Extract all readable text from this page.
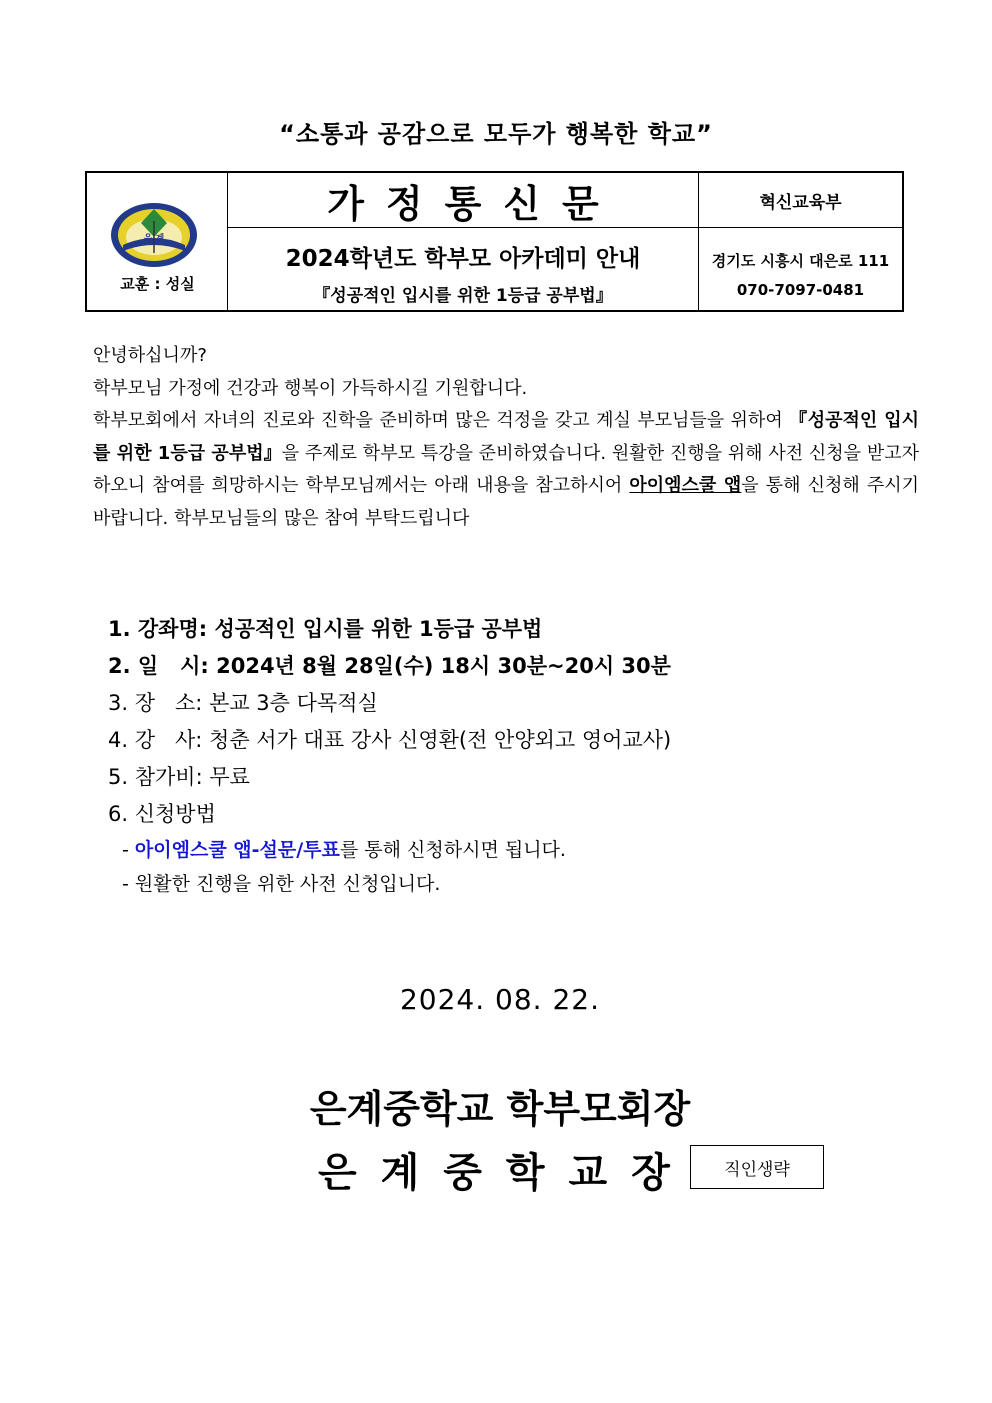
“소통과 공감으로 모두가 행복한 학교”
은 계
교훈 : 성실
가정통신문	혁신교육부
2024학년도 학부모 아카데미 안내
『성공적인 입시를 위한 1등급 공부법』
경기도 시흥시 대은로 111
070-7097-0481

안녕하십니까?

학부모님 가정에 건강과 행복이 가득하시길 기원합니다.

학부모회에서 자녀의 진로와 진학을 준비하며 많은 걱정을 갖고 계실 부모님들을 위하여 『성공적인 입시를 위한 1등급 공부법』을 주제로 학부모 특강을 준비하였습니다. 원활한 진행을 위해 사전 신청을 받고자 하오니 참여를 희망하시는 학부모님께서는 아래 내용을 참고하시어 아이엠스쿨 앱을 통해 신청해 주시기 바랍니다. 학부모님들의 많은 참여 부탁드립니다

1. 강좌명: 성공적인 입시를 위한 1등급 공부법
2. 일   시: 2024년 8월 28일(수) 18시 30분~20시 30분
3. 장   소: 본교 3층 다목적실
4. 강   사: 청춘 서가 대표 강사 신영환(전 안양외고 영어교사)
5. 참가비: 무료
6. 신청방법
- 아이엠스쿨 앱-설문/투표를 통해 신청하시면 됩니다.
- 원활한 진행을 위한 사전 신청입니다.
2024. 08. 22.
은계중학교 학부모회장
은계중학교장	직인생략
